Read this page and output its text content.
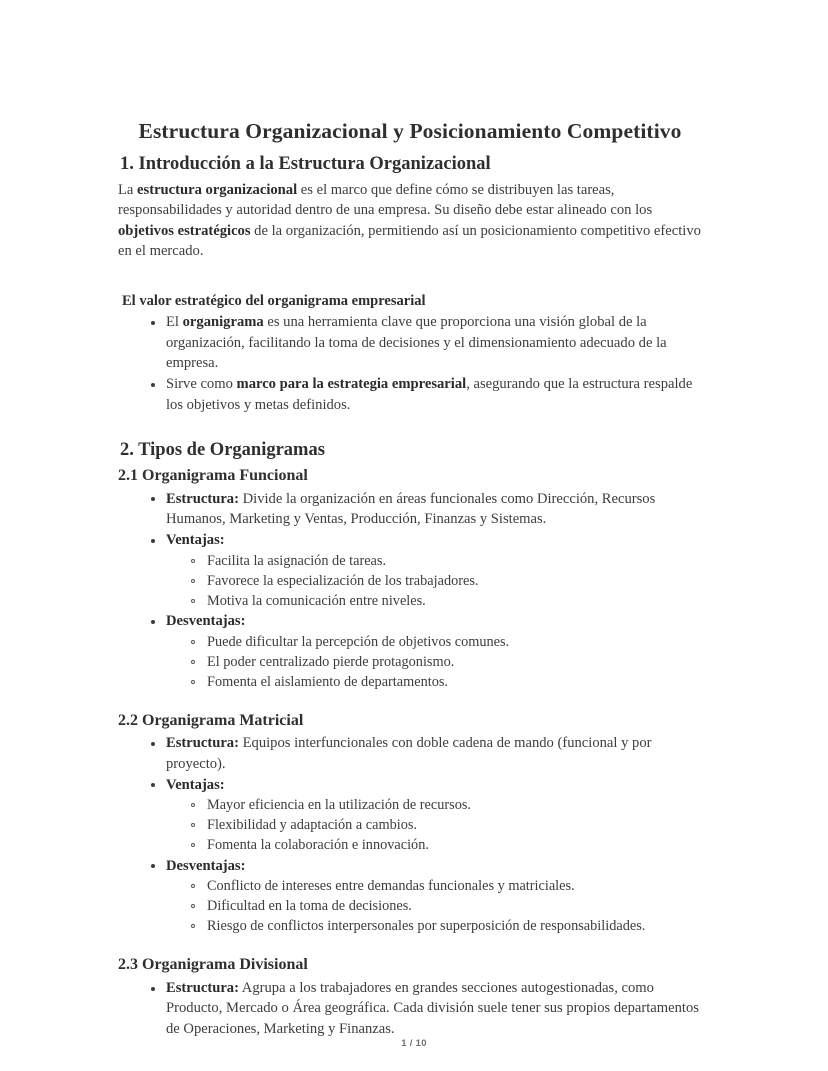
Estructura Organizacional y Posicionamiento Competitivo
1. Introducción a la Estructura Organizacional

La estructura organizacional es el marco que define cómo se distribuyen las tareas, responsabilidades y autoridad dentro de una empresa. Su diseño debe estar alineado con los objetivos estratégicos de la organización, permitiendo así un posicionamiento competitivo efectivo en el mercado.

El valor estratégico del organigrama empresarial
El organigrama es una herramienta clave que proporciona una visión global de la organización, facilitando la toma de decisiones y el dimensionamiento adecuado de la empresa.
Sirve como marco para la estrategia empresarial, asegurando que la estructura respalde los objetivos y metas definidos.
2. Tipos de Organigramas
2.1 Organigrama Funcional
Estructura: Divide la organización en áreas funcionales como Dirección, Recursos Humanos, Marketing y Ventas, Producción, Finanzas y Sistemas.
Ventajas:
Facilita la asignación de tareas.
Favorece la especialización de los trabajadores.
Motiva la comunicación entre niveles.
Desventajas:
Puede dificultar la percepción de objetivos comunes.
El poder centralizado pierde protagonismo.
Fomenta el aislamiento de departamentos.
2.2 Organigrama Matricial
Estructura: Equipos interfuncionales con doble cadena de mando (funcional y por proyecto).
Ventajas:
Mayor eficiencia en la utilización de recursos.
Flexibilidad y adaptación a cambios.
Fomenta la colaboración e innovación.
Desventajas:
Conflicto de intereses entre demandas funcionales y matriciales.
Dificultad en la toma de decisiones.
Riesgo de conflictos interpersonales por superposición de responsabilidades.
2.3 Organigrama Divisional
Estructura: Agrupa a los trabajadores en grandes secciones autogestionadas, como Producto, Mercado o Área geográfica. Cada división suele tener sus propios departamentos de Operaciones, Marketing y Finanzas.
1 / 10
